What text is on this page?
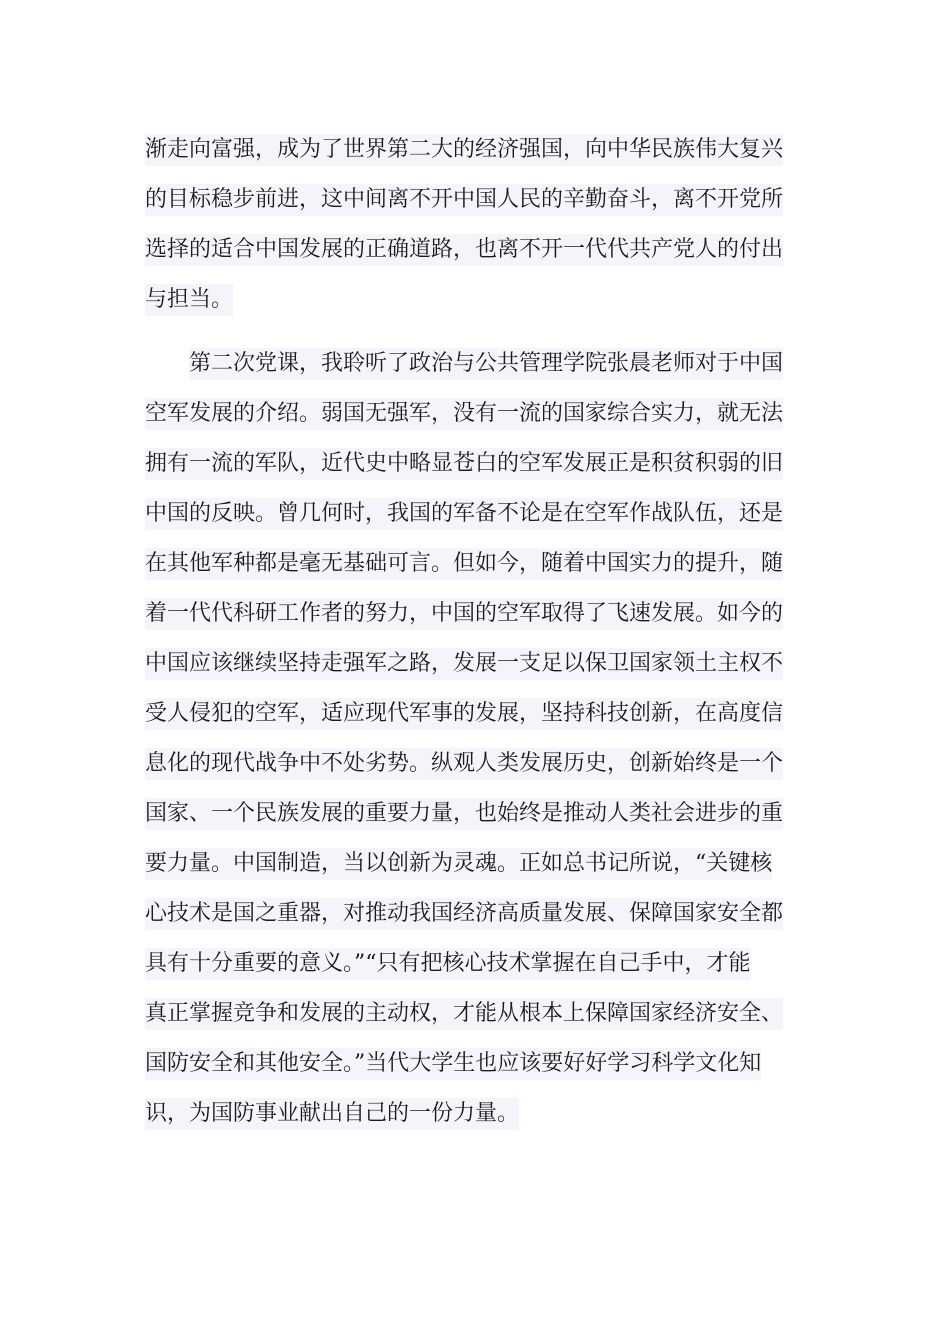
渐走向富强，成为了世界第二大的经济强国，向中华民族伟大复兴
的目标稳步前进，这中间离不开中国人民的辛勤奋斗，离不开党所
选择的适合中国发展的正确道路，也离不开一代代共产党人的付出
与担当。
第二次党课，我聆听了政治与公共管理学院张晨老师对于中国
空军发展的介绍。弱国无强军，没有一流的国家综合实力，就无法
拥有一流的军队，近代史中略显苍白的空军发展正是积贫积弱的旧
中国的反映。曾几何时，我国的军备不论是在空军作战队伍，还是
在其他军种都是毫无基础可言。但如今，随着中国实力的提升，随
着一代代科研工作者的努力，中国的空军取得了飞速发展。如今的
中国应该继续坚持走强军之路，发展一支足以保卫国家领土主权不
受人侵犯的空军，适应现代军事的发展，坚持科技创新，在高度信
息化的现代战争中不处劣势。纵观人类发展历史，创新始终是一个
国家、一个民族发展的重要力量，也始终是推动人类社会进步的重
要力量。中国制造，当以创新为灵魂。正如总书记所说，“关键核
心技术是国之重器，对推动我国经济高质量发展、保障国家安全都
具有十分重要的意义。”“只有把核心技术掌握在自己手中，才能
真正掌握竞争和发展的主动权，才能从根本上保障国家经济安全、
国防安全和其他安全。”当代大学生也应该要好好学习科学文化知
识，为国防事业献出自己的一份力量。
